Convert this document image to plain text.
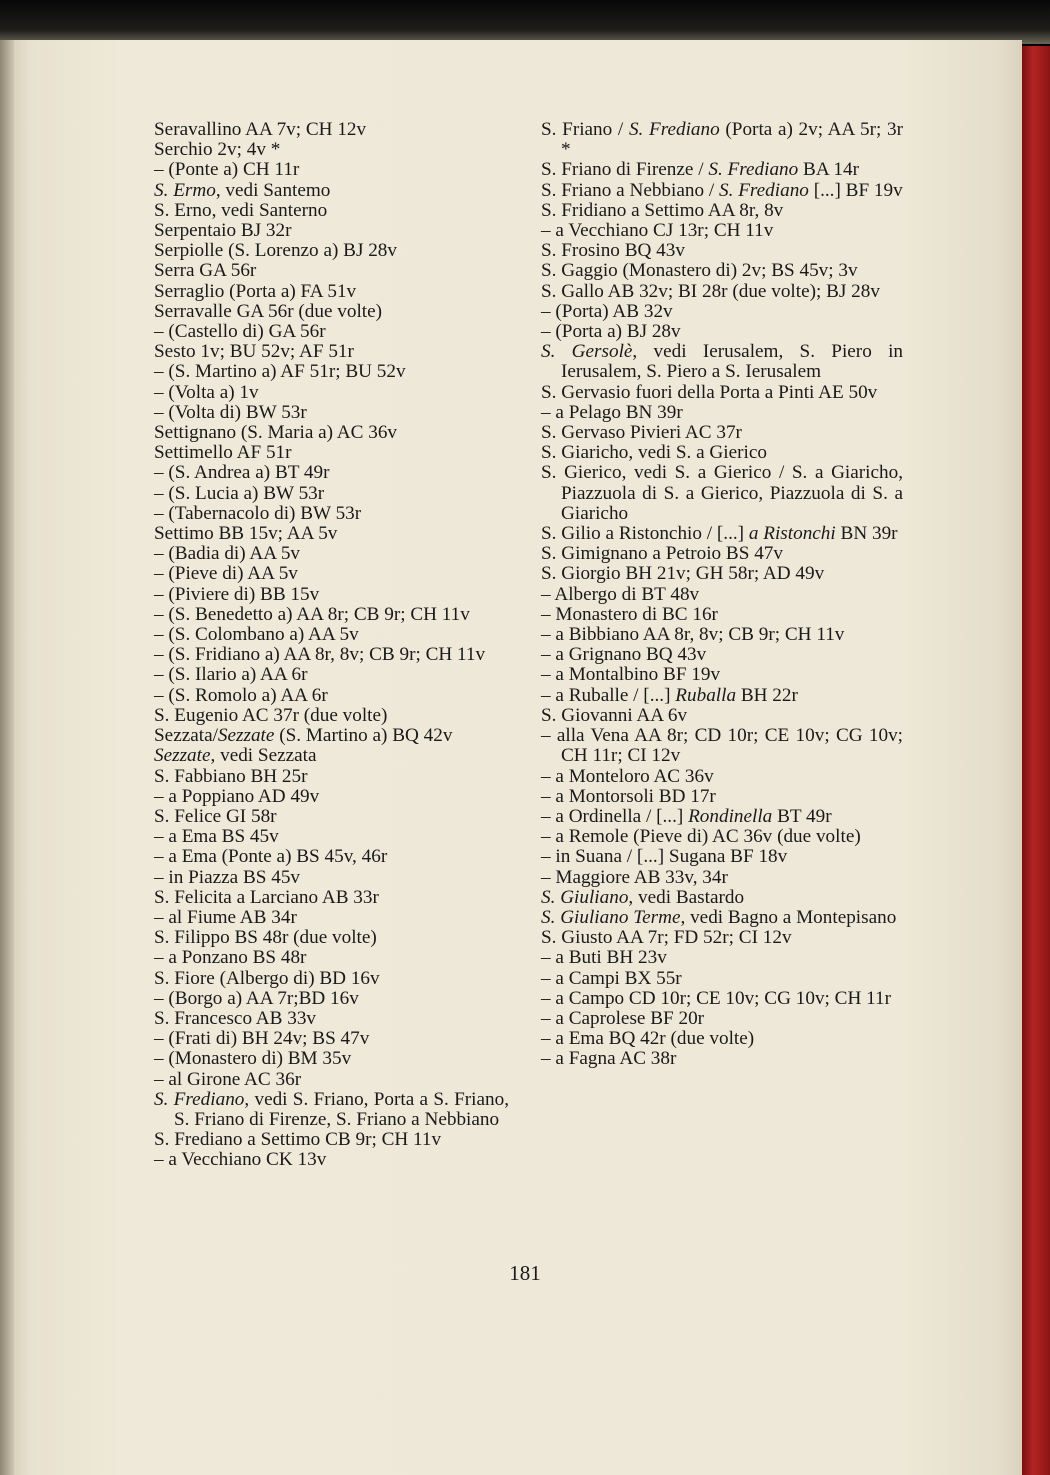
Seravallino AA 7v; CH 12v
Serchio 2v; 4v *
– (Ponte a) CH 11r
S. Ermo, vedi Santemo
S. Erno, vedi Santerno
Serpentaio BJ 32r
Serpiolle (S. Lorenzo a) BJ 28v
Serra GA 56r
Serraglio (Porta a) FA 51v
Serravalle GA 56r (due volte)
– (Castello di) GA 56r
Sesto 1v; BU 52v; AF 51r
– (S. Martino a) AF 51r; BU 52v
– (Volta a) 1v
– (Volta di) BW 53r
Settignano (S. Maria a) AC 36v
Settimello AF 51r
– (S. Andrea a) BT 49r
– (S. Lucia a) BW 53r
– (Tabernacolo di) BW 53r
Settimo BB 15v; AA 5v
– (Badia di) AA 5v
– (Pieve di) AA 5v
– (Piviere di) BB 15v
– (S. Benedetto a) AA 8r; CB 9r; CH 11v
– (S. Colombano a) AA 5v
– (S. Fridiano a) AA 8r, 8v; CB 9r; CH 11v
– (S. Ilario a) AA 6r
– (S. Romolo a) AA 6r
S. Eugenio AC 37r (due volte)
Sezzata/Sezzate (S. Martino a) BQ 42v
Sezzate, vedi Sezzata
S. Fabbiano BH 25r
– a Poppiano AD 49v
S. Felice GI 58r
– a Ema BS 45v
– a Ema (Ponte a) BS 45v, 46r
– in Piazza BS 45v
S. Felicita a Larciano AB 33r
– al Fiume AB 34r
S. Filippo BS 48r (due volte)
– a Ponzano BS 48r
S. Fiore (Albergo di) BD 16v
– (Borgo a) AA 7r;BD 16v
S. Francesco AB 33v
– (Frati di) BH 24v; BS 47v
– (Monastero di) BM 35v
– al Girone AC 36r
S. Frediano, vedi S. Friano, Porta a S. Friano, S. Friano di Firenze, S. Friano a Nebbiano
S. Frediano a Settimo CB 9r; CH 11v
– a Vecchiano CK 13v
S. Friano / S. Frediano (Porta a) 2v; AA 5r; 3r *
S. Friano di Firenze / S. Frediano BA 14r
S. Friano a Nebbiano / S. Frediano [...] BF 19v
S. Fridiano a Settimo AA 8r, 8v
– a Vecchiano CJ 13r; CH 11v
S. Frosino BQ 43v
S. Gaggio (Monastero di) 2v; BS 45v; 3v
S. Gallo AB 32v; BI 28r (due volte); BJ 28v
– (Porta) AB 32v
– (Porta a) BJ 28v
S. Gersolè, vedi Ierusalem, S. Piero in Ierusalem, S. Piero a S. Ierusalem
S. Gervasio fuori della Porta a Pinti AE 50v
– a Pelago BN 39r
S. Gervaso Pivieri AC 37r
S. Giaricho, vedi S. a Gierico
S. Gierico, vedi S. a Gierico / S. a Giaricho, Piazzuola di S. a Gierico, Piazzuola di S. a Giaricho
S. Gilio a Ristonchio / [...] a Ristonchi BN 39r
S. Gimignano a Petroio BS 47v
S. Giorgio BH 21v; GH 58r; AD 49v
– Albergo di BT 48v
– Monastero di BC 16r
– a Bibbiano AA 8r, 8v; CB 9r; CH 11v
– a Grignano BQ 43v
– a Montalbino BF 19v
– a Ruballe / [...] Ruballa BH 22r
S. Giovanni AA 6v
– alla Vena AA 8r; CD 10r; CE 10v; CG 10v; CH 11r; CI 12v
– a Monteloro AC 36v
– a Montorsoli BD 17r
– a Ordinella / [...] Rondinella BT 49r
– a Remole (Pieve di) AC 36v (due volte)
– in Suana / [...] Sugana BF 18v
– Maggiore AB 33v, 34r
S. Giuliano, vedi Bastardo
S. Giuliano Terme, vedi Bagno a Montepisano
S. Giusto AA 7r; FD 52r; CI 12v
– a Buti BH 23v
– a Campi BX 55r
– a Campo CD 10r; CE 10v; CG 10v; CH 11r
– a Caprolese BF 20r
– a Ema BQ 42r (due volte)
– a Fagna AC 38r
181
